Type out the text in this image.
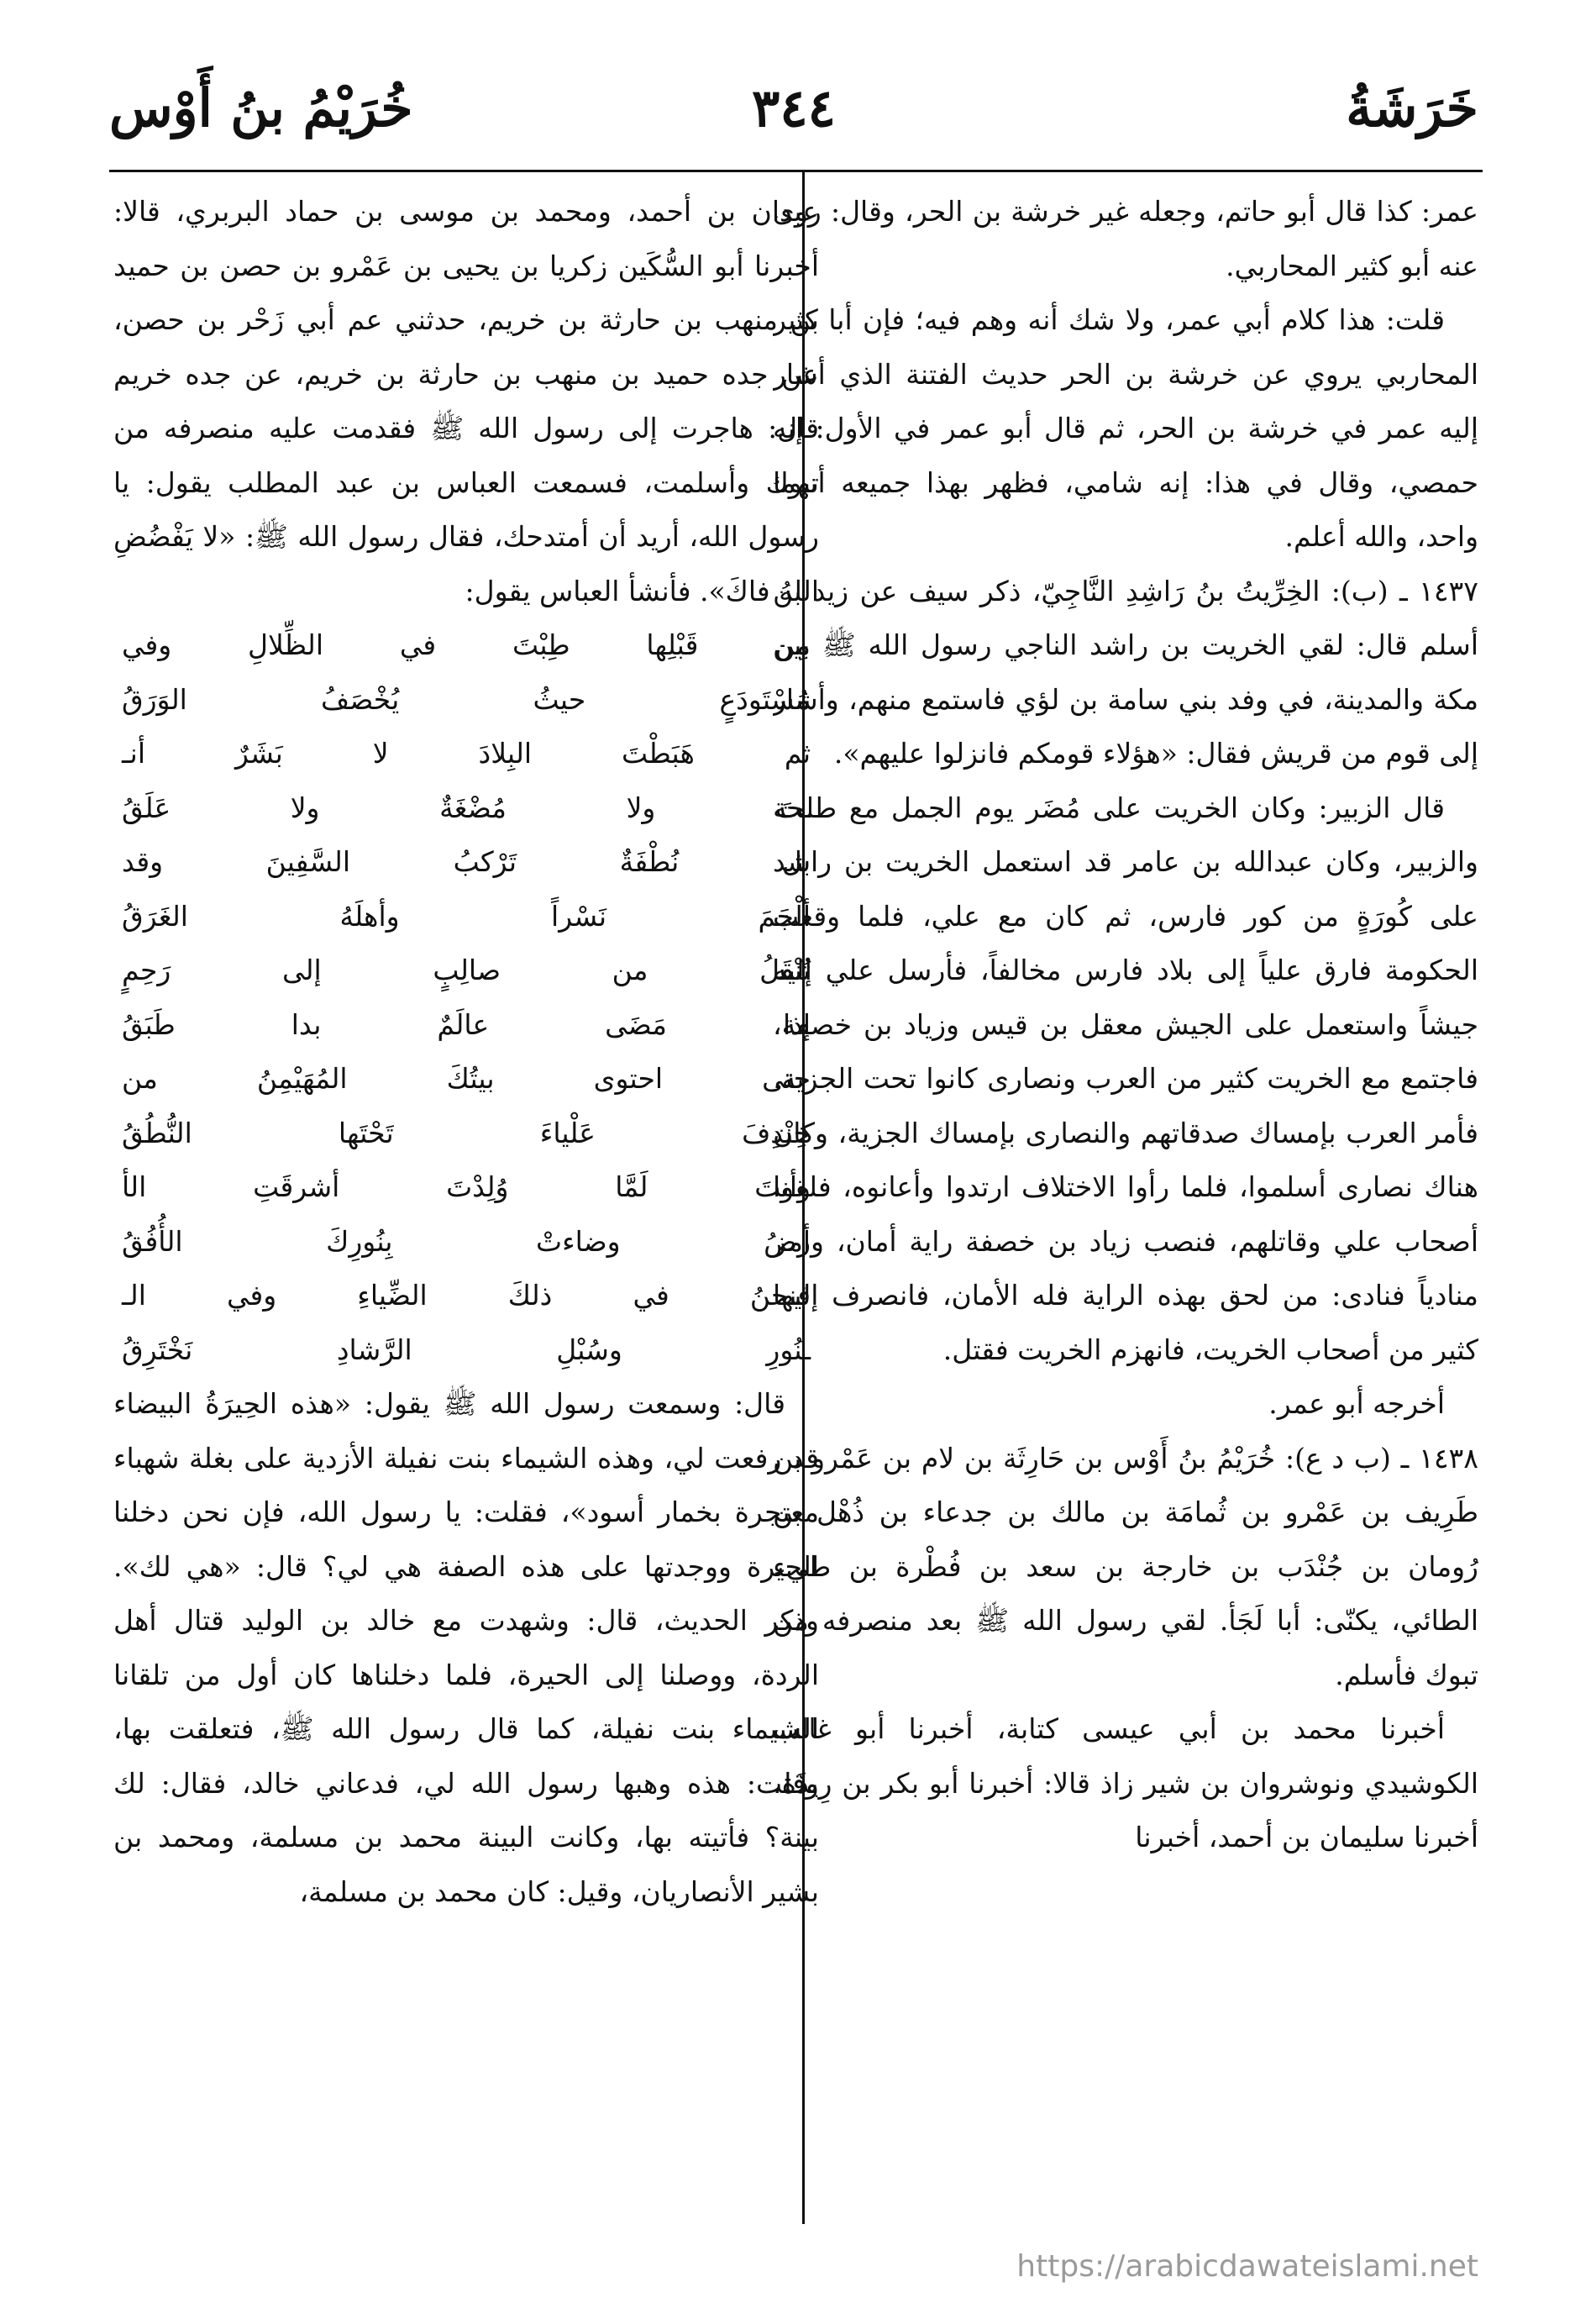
خَرَشَةُ
٣٤٤
خُرَيْمُ بنُ أَوْس

عمر: كذا قال أبو حاتم، وجعله غير خرشة بن الحر، وقال: روى عنه أبو كثير المحاربي.

قلت: هذا كلام أبي عمر، ولا شك أنه وهم فيه؛ فإن أبا كثير المحاربي يروي عن خرشة بن الحر حديث الفتنة الذي أشار إليه عمر في خرشة بن الحر، ثم قال أبو عمر في الأول: إنه حمصي، وقال في هذا: إنه شامي، فظهر بهذا جميعه أنهما واحد، والله أعلم.

١٤٣٧ ـ (ب): الخِرِّيتُ بنُ رَاشِدِ النَّاجِيّ، ذكر سيف عن زيد بن أسلم قال: لقي الخريت بن راشد الناجي رسول الله ﷺ بين مكة والمدينة، في وفد بني سامة بن لؤي فاستمع منهم، وأشار إلى قوم من قريش فقال: «هؤلاء قومكم فانزلوا عليهم».

قال الزبير: وكان الخريت على مُضَر يوم الجمل مع طلحة والزبير، وكان عبدالله بن عامر قد استعمل الخريت بن راشد على كُورَةٍ من كور فارس، ثم كان مع علي، فلما وقعت الحكومة فارق علياً إلى بلاد فارس مخالفاً، فأرسل علي إليه جيشاً واستعمل على الجيش معقل بن قيس وزياد بن خصفة، فاجتمع مع الخريت كثير من العرب ونصارى كانوا تحت الجزية، فأمر العرب بإمساك صدقاتهم والنصارى بإمساك الجزية، وكان هناك نصارى أسلموا، فلما رأوا الاختلاف ارتدوا وأعانوه، فلقوا أصحاب علي وقاتلهم، فنصب زياد بن خصفة راية أمان، وأمر منادياً فنادى: من لحق بهذه الراية فله الأمان، فانصرف إليها كثير من أصحاب الخريت، فانهزم الخريت فقتل.

أخرجه أبو عمر.

١٤٣٨ ـ (ب د ع): خُرَيْمُ بنُ أَوْس بن حَارِثَة بن لام بن عَمْرو بن طَرِيف بن عَمْرو بن ثُمامَة بن مالك بن جدعاء بن ذُهْل بن رُومان بن جُنْدَب بن خارجة بن سعد بن فُطْرة بن طيء الطائي، يكنّى: أبا لَجَأ. لقي رسول الله ﷺ بعد منصرفه من تبوك فأسلم.

أخبرنا محمد بن أبي عيسى كتابة، أخبرنا أبو غالب الكوشيدي ونوشروان بن شير زاذ قالا: أخبرنا أبو بكر بن رِيذَة، أخبرنا سليمان بن أحمد، أخبرنا

عبدان بن أحمد، ومحمد بن موسى بن حماد البربري، قالا: أخبرنا أبو السُّكَين زكريا بن يحيى بن عَمْرو بن حصن بن حميد بن منهب بن حارثة بن خريم، حدثني عم أبي زَحْر بن حصن، عن جده حميد بن منهب بن حارثة بن خريم، عن جده خريم قال: هاجرت إلى رسول الله ﷺ فقدمت عليه منصرفه من تبوك وأسلمت، فسمعت العباس بن عبد المطلب يقول: يا رسول الله، أريد أن أمتدحك، فقال رسول الله ﷺ: «لا يَفْضُضِ اللهُ فاكَ». فأنشأ العباس يقول:

مِن قَبْلِها طِبْتَ في الظِّلالِ وفي
مُسْتَودَعٍ حيثُ يُخْصَفُ الوَرَقُ
ثم هَبَطْتَ البِلادَ لا بَشَرٌ أنـ
ـتَ ولا مُضْغَةٌ ولا عَلَقُ
بل نُطْفَةٌ تَرْكبُ السَّفِينَ وقد
ألْجَمَ نَسْراً وأهلَهُ الغَرَقُ
تُنْقَلُ من صالِبٍ إلى رَحِمٍ
إذا مَضَى عالَمٌ بدا طَبَقُ
حتى احتوى بيتُكَ المُهَيْمِنُ من
خِنْدِفَ عَلْياءَ تَحْتَها النُّطُقُ
وأنتَ لَمَّا وُلِدْتَ أشرقَتِ الأ
رضُ وضاءتْ بِنُورِكَ الأُفُقُ
فنحنُ في ذلكَ الضِّياءِ وفي الـ
ـنُورِ وسُبْلِ الرَّشادِ نَخْتَرِقُ

قال: وسمعت رسول الله ﷺ يقول: «هذه الحِيرَةُ البيضاء قد رفعت لي، وهذه الشيماء بنت نفيلة الأزدية على بغلة شهباء معتجرة بخمار أسود»، فقلت: يا رسول الله، فإن نحن دخلنا الحيرة ووجدتها على هذه الصفة هي لي؟ قال: «هي لك». وذكر الحديث، قال: وشهدت مع خالد بن الوليد قتال أهل الردة، ووصلنا إلى الحيرة، فلما دخلناها كان أول من تلقانا الشيماء بنت نفيلة، كما قال رسول الله ﷺ، فتعلقت بها، وقلت: هذه وهبها رسول الله لي، فدعاني خالد، فقال: لك بينة؟ فأتيته بها، وكانت البينة محمد بن مسلمة، ومحمد بن بشير الأنصاريان، وقيل: كان محمد بن مسلمة،

https://arabicdawateislami.net
